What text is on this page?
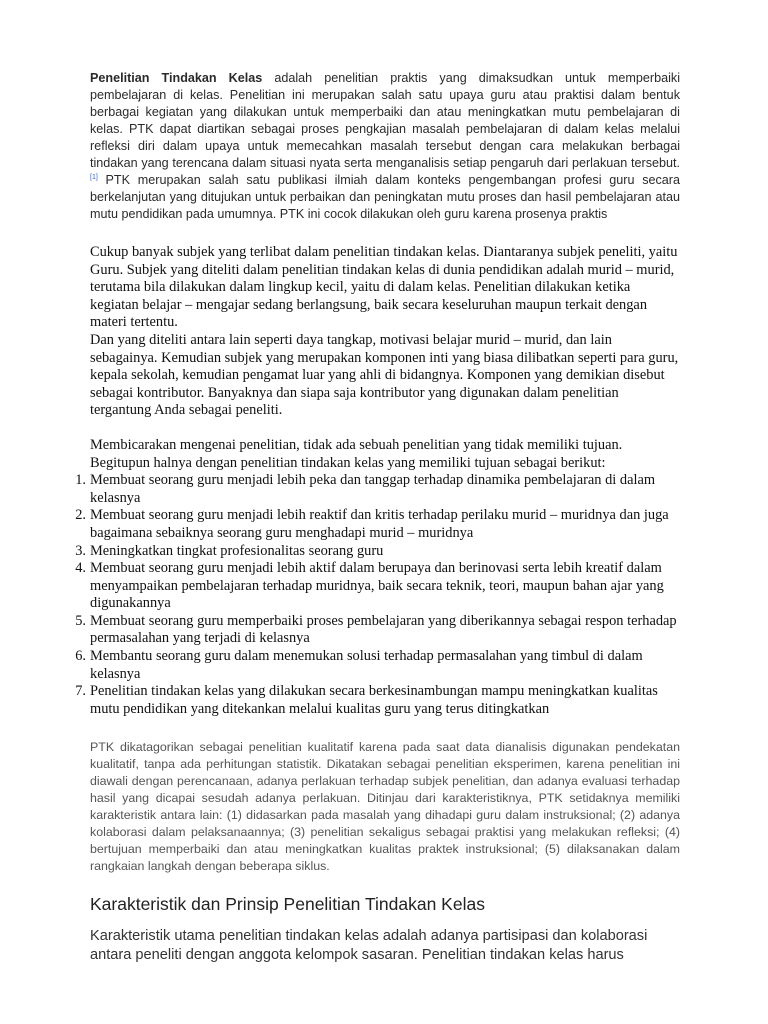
Penelitian Tindakan Kelas adalah penelitian praktis yang dimaksudkan untuk memperbaiki pembelajaran di kelas. Penelitian ini merupakan salah satu upaya guru atau praktisi dalam bentuk berbagai kegiatan yang dilakukan untuk memperbaiki dan atau meningkatkan mutu pembelajaran di kelas. PTK dapat diartikan sebagai proses pengkajian masalah pembelajaran di dalam kelas melalui refleksi diri dalam upaya untuk memecahkan masalah tersebut dengan cara melakukan berbagai tindakan yang terencana dalam situasi nyata serta menganalisis setiap pengaruh dari perlakuan tersebut. [1] PTK merupakan salah satu publikasi ilmiah dalam konteks pengembangan profesi guru secara berkelanjutan yang ditujukan untuk perbaikan dan peningkatan mutu proses dan hasil pembelajaran atau mutu pendidikan pada umumnya. PTK ini cocok dilakukan oleh guru karena prosenya praktis

Cukup banyak subjek yang terlibat dalam penelitian tindakan kelas. Diantaranya subjek peneliti, yaitu Guru. Subjek yang diteliti dalam penelitian tindakan kelas di dunia pendidikan adalah murid – murid, terutama bila dilakukan dalam lingkup kecil, yaitu di dalam kelas. Penelitian dilakukan ketika kegiatan belajar – mengajar sedang berlangsung, baik secara keseluruhan maupun terkait dengan materi tertentu.

Dan yang diteliti antara lain seperti daya tangkap, motivasi belajar murid – murid, dan lain sebagainya. Kemudian subjek yang merupakan komponen inti yang biasa dilibatkan seperti para guru, kepala sekolah, kemudian pengamat luar yang ahli di bidangnya. Komponen yang demikian disebut sebagai kontributor. Banyaknya dan siapa saja kontributor yang digunakan dalam penelitian tergantung Anda sebagai peneliti.

Membicarakan mengenai penelitian, tidak ada sebuah penelitian yang tidak memiliki tujuan. Begitupun halnya dengan penelitian tindakan kelas yang memiliki tujuan sebagai berikut:

1. Membuat seorang guru menjadi lebih peka dan tanggap terhadap dinamika pembelajaran di dalam kelasnya
2. Membuat seorang guru menjadi lebih reaktif dan kritis terhadap perilaku murid – muridnya dan juga bagaimana sebaiknya seorang guru menghadapi murid – muridnya
3. Meningkatkan tingkat profesionalitas seorang guru
4. Membuat seorang guru menjadi lebih aktif dalam berupaya dan berinovasi serta lebih kreatif dalam menyampaikan pembelajaran terhadap muridnya, baik secara teknik, teori, maupun bahan ajar yang digunakannya
5. Membuat seorang guru memperbaiki proses pembelajaran yang diberikannya sebagai respon terhadap permasalahan yang terjadi di kelasnya
6. Membantu seorang guru dalam menemukan solusi terhadap permasalahan yang timbul di dalam kelasnya
7. Penelitian tindakan kelas yang dilakukan secara berkesinambungan mampu meningkatkan kualitas mutu pendidikan yang ditekankan melalui kualitas guru yang terus ditingkatkan

PTK dikatagorikan sebagai penelitian kualitatif karena pada saat data dianalisis digunakan pendekatan kualitatif, tanpa ada perhitungan statistik. Dikatakan sebagai penelitian eksperimen, karena penelitian ini diawali dengan perencanaan, adanya perlakuan terhadap subjek penelitian, dan adanya evaluasi terhadap hasil yang dicapai sesudah adanya perlakuan. Ditinjau dari karakteristiknya, PTK setidaknya memiliki karakteristik antara lain: (1) didasarkan pada masalah yang dihadapi guru dalam instruksional; (2) adanya kolaborasi dalam pelaksanaannya; (3) penelitian sekaligus sebagai praktisi yang melakukan refleksi; (4) bertujuan memperbaiki dan atau meningkatkan kualitas praktek instruksional; (5) dilaksanakan dalam rangkaian langkah dengan beberapa siklus.

Karakteristik dan Prinsip Penelitian Tindakan Kelas

Karakteristik utama penelitian tindakan kelas adalah adanya partisipasi dan kolaborasi antara peneliti dengan anggota kelompok sasaran. Penelitian tindakan kelas harus
